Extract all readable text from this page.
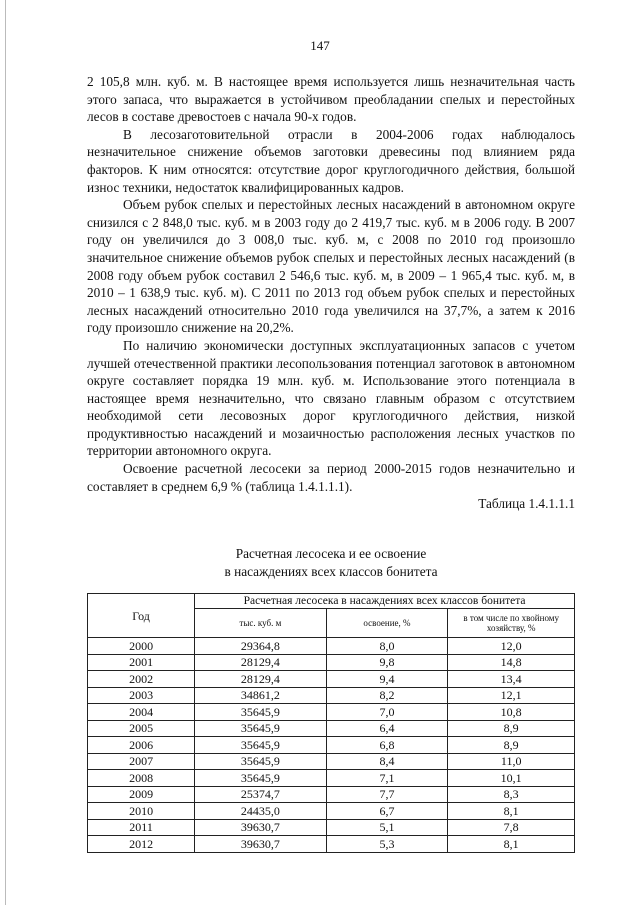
147

2 105,8 млн. куб. м. В настоящее время используется лишь незначительная часть этого запаса, что выражается в устойчивом преобладании спелых и перестойных лесов в составе древостоев с начала 90-х годов.

В лесозаготовительной отрасли в 2004-2006 годах наблюдалось незначительное снижение объемов заготовки древесины под влиянием ряда факторов. К ним относятся: отсутствие дорог круглогодичного действия, большой износ техники, недостаток квалифицированных кадров.

Объем рубок спелых и перестойных лесных насаждений в автономном округе снизился с 2 848,0 тыс. куб. м в 2003 году до 2 419,7 тыс. куб. м в 2006 году. В 2007 году он увеличился до 3 008,0 тыс. куб. м, с 2008 по 2010 год произошло значительное снижение объемов рубок спелых и перестойных лесных насаждений (в 2008 году объем рубок составил 2 546,6 тыс. куб. м, в 2009 – 1 965,4 тыс. куб. м, в 2010 – 1 638,9 тыс. куб. м). С 2011 по 2013 год объем рубок спелых и перестойных лесных насаждений относительно 2010 года увеличился на 37,7%, а затем к 2016 году произошло снижение на 20,2%.

По наличию экономически доступных эксплуатационных запасов с учетом лучшей отечественной практики лесопользования потенциал заготовок в автономном округе составляет порядка 19 млн. куб. м. Использование этого потенциала в настоящее время незначительно, что связано главным образом с отсутствием необходимой сети лесовозных дорог круглогодичного действия, низкой продуктивностью насаждений и мозаичностью расположения лесных участков по территории автономного округа.

Освоение расчетной лесосеки за период 2000-2015 годов незначительно и составляет в среднем 6,9 % (таблица 1.4.1.1.1).

Таблица 1.4.1.1.1

Расчетная лесосека и ее освоение
в насаждениях всех классов бонитета
Год	Расчетная лесосека в насаждениях всех классов бонитета		
	тыс. куб. м	освоение, %	в том числе по хвойному хозяйству, %
2000	29364,8	8,0	12,0
2001	28129,4	9,8	14,8
2002	28129,4	9,4	13,4
2003	34861,2	8,2	12,1
2004	35645,9	7,0	10,8
2005	35645,9	6,4	8,9
2006	35645,9	6,8	8,9
2007	35645,9	8,4	11,0
2008	35645,9	7,1	10,1
2009	25374,7	7,7	8,3
2010	24435,0	6,7	8,1
2011	39630,7	5,1	7,8
2012	39630,7	5,3	8,1
